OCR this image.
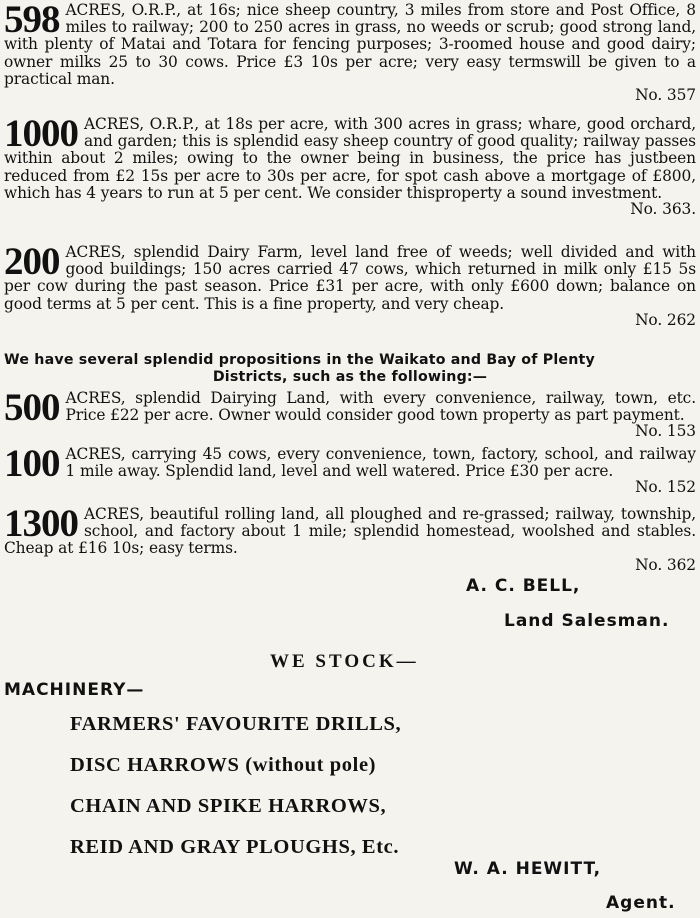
598 ACRES, O.R.P., at 16s; nice sheep country, 3 miles from store and Post Office, 8 miles to railway; 200 to 250 acres in grass, no weeds or scrub; good strong land, with plenty of Matai and Totara for fencing purposes; 3-roomed house and good dairy; owner milks 25 to 30 cows. Price £3 10s per acre; very easy termswill be given to a practical man.
No. 357
1000 ACRES, O.R.P., at 18s per acre, with 300 acres in grass; whare, good orchard, and garden; this is splendid easy sheep country of good quality; railway passes within about 2 miles; owing to the owner being in business, the price has justbeen reduced from £2 15s per acre to 30s per acre, for spot cash above a mortgage of £800, which has 4 years to run at 5 per cent. We consider thisproperty a sound investment.
No. 363.
200 ACRES, splendid Dairy Farm, level land free of weeds; well divided and with good buildings; 150 acres carried 47 cows, which returned in milk only £15 5s per cow during the past season. Price £31 per acre, with only £600 down; balance on good terms at 5 per cent. This is a fine property, and very cheap.
No. 262
We have several splendid propositions in the Waikato and Bay of Plenty
Districts, such as the following:—
500 ACRES, splendid Dairying Land, with every convenience, railway, town, etc. Price £22 per acre. Owner would consider good town property as part payment.
No. 153
100 ACRES, carrying 45 cows, every convenience, town, factory, school, and railway 1 mile away. Splendid land, level and well watered. Price £30 per acre.
No. 152
1300 ACRES, beautiful rolling land, all ploughed and re-grassed; railway, township, school, and factory about 1 mile; splendid homestead, woolshed and stables. Cheap at £16 10s; easy terms.
No. 362
A. C. BELL,
Land Salesman.
WE STOCK—
MACHINERY—
FARMERS' FAVOURITE DRILLS,
DISC HARROWS (without pole)
CHAIN AND SPIKE HARROWS,
REID AND GRAY PLOUGHS, Etc.
W. A. HEWITT,
Agent.
